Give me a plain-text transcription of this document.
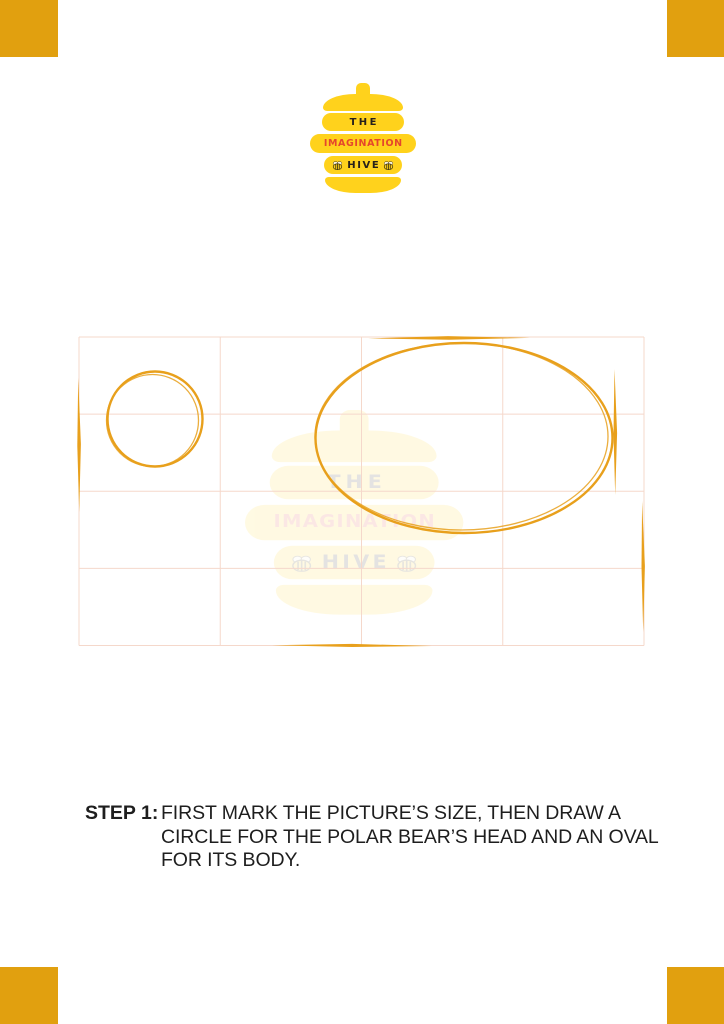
THE
IMAGINATION
HIVE
THE
IMAGINATION
HIVE
STEP 1: FIRST MARK THE PICTURE’S SIZE, THEN DRAW A
CIRCLE FOR THE POLAR BEAR’S HEAD AND AN OVAL
FOR ITS BODY.
